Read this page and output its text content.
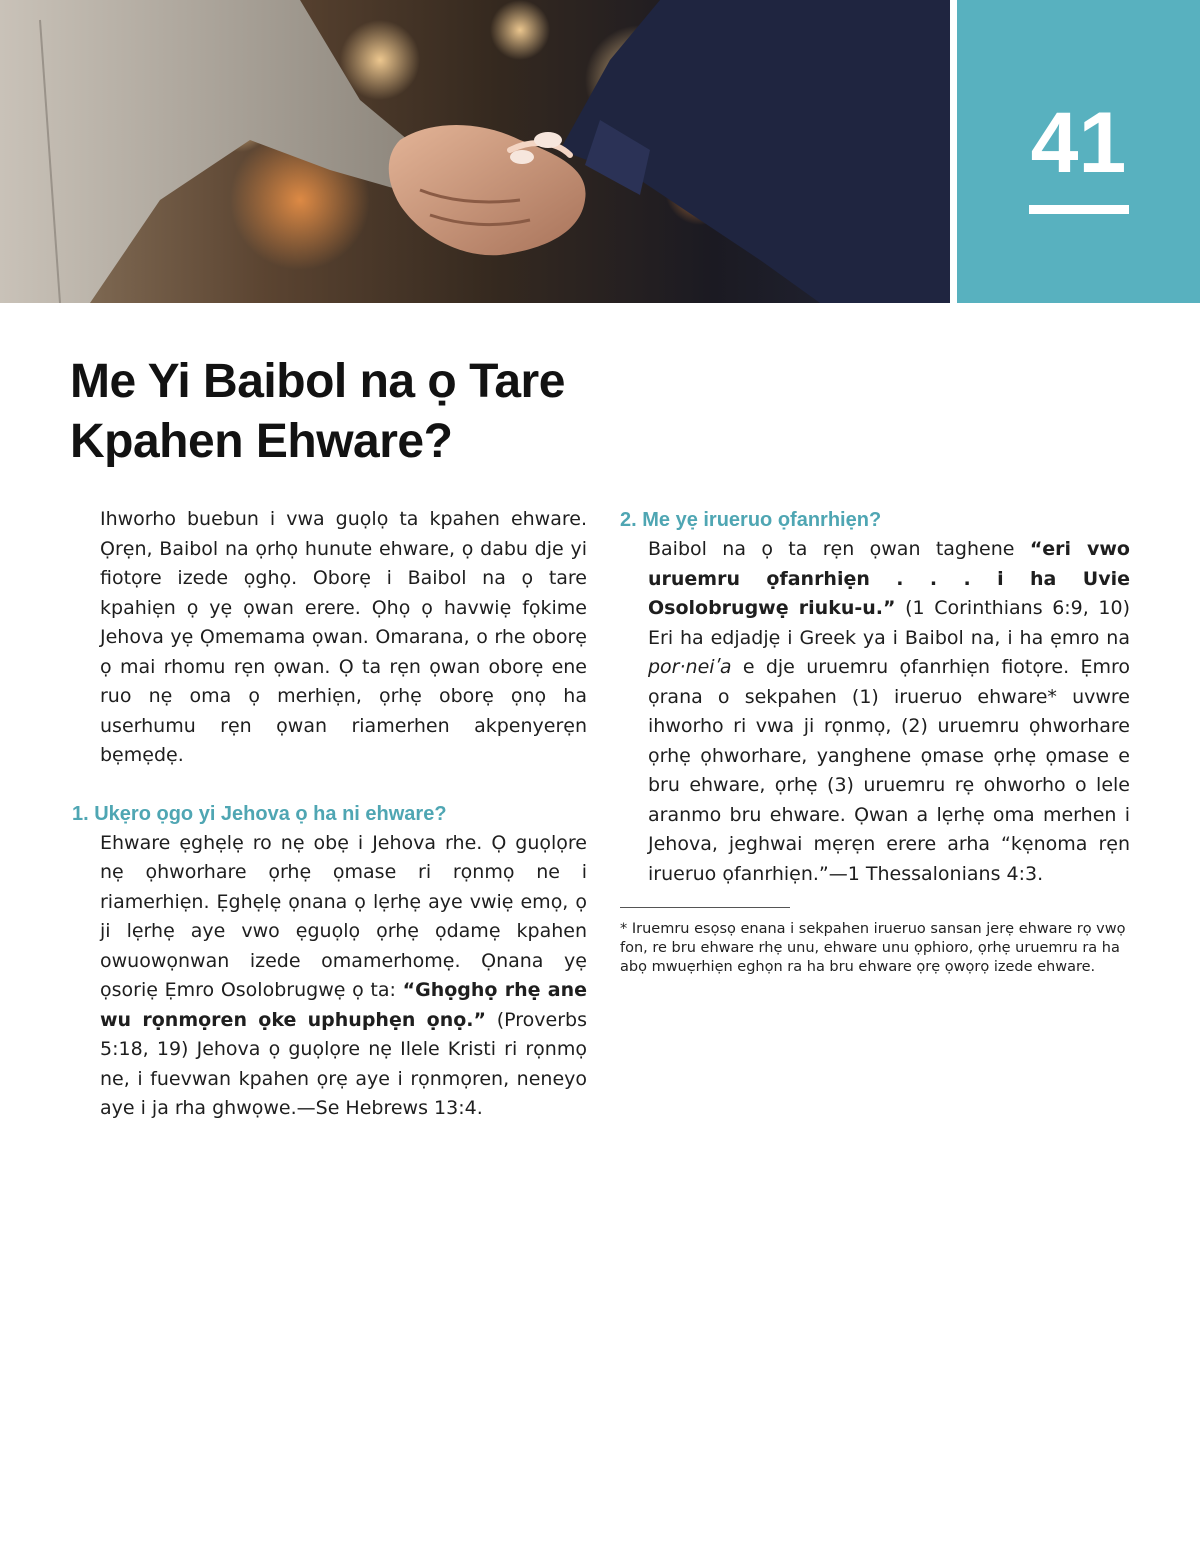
41
Me Yi Baibol na ọ Tare
Kpahen Ehware?

Ihworho buebun i vwa guọlọ ta kpahen ehware. Ọrẹn, Baibol na ọrhọ hunute ehware, ọ dabu dje yi fiotọre izede ọghọ. Oborẹ i Baibol na ọ tare kpahiẹn ọ yẹ ọwan erere. Ọhọ ọ havwiẹ fọkime Jehova yẹ Ọmemama ọwan. Omarana, o rhe oborẹ ọ mai rhomu rẹn ọwan. Ọ ta rẹn ọwan oborẹ ene ruo nẹ oma ọ merhiẹn, ọrhẹ oborẹ ọnọ ha userhumu rẹn ọwan riamerhen akpenyerẹn bẹmẹdẹ.

1. Ukẹro ọgo yi Jehova ọ ha ni ehware?

Ehware ẹghẹlẹ ro nẹ obẹ i Jehova rhe. Ọ guọlọre nẹ ọhworhare ọrhẹ ọmase ri rọnmọ ne i riamerhiẹn. Ẹghẹlẹ ọnana ọ lẹrhẹ aye vwiẹ emọ, ọ ji lẹrhẹ aye vwo ẹguọlọ ọrhẹ ọdamẹ kpahen owuowọnwan izede omamerhomẹ. Ọnana yẹ ọsoriẹ Ẹmro Osolobrugwẹ ọ ta: “Ghọghọ rhẹ ane wu rọnmọren ọke uphuphẹn ọnọ.” (Proverbs 5:18, 19) Jehova ọ guọlọre nẹ Ilele Kristi ri rọnmọ ne, i fuevwan kpahen ọrẹ aye i rọnmọren, neneyo aye i ja rha ghwọwe.—Se Hebrews 13:4.

2. Me yẹ irueruo ọfanrhiẹn?

Baibol na ọ ta rẹn ọwan taghene “eri vwo uruemru ọfanrhiẹn . . . i ha Uvie Osolobrugwẹ riuku-u.” (1 Corinthians 6:9, 10) Eri ha edjadjẹ i Greek ya i Baibol na, i ha ẹmro na por·neiʹa e dje uruemru ọfanrhiẹn fiotọre. Ẹmro ọrana o sekpahen (1) irueruo ehware* uvwre ihworho ri vwa ji rọnmọ, (2) uruemru ọhworhare ọrhẹ ọhworhare, yanghene ọmase ọrhẹ ọmase e bru ehware, ọrhẹ (3) uruemru rẹ ohworho o lele aranmo bru ehware. Ọwan a lẹrhẹ oma merhen i Jehova, jeghwai mẹrẹn erere arha “kẹnoma rẹn irueruo ọfanrhiẹn.”—1 Thessalonians 4:3.

* Iruemru esọsọ enana i sekpahen irueruo sansan jerẹ ehware rọ vwọ fon, re bru ehware rhẹ unu, ehware unu ọphioro, ọrhẹ uruemru ra ha abọ mwuẹrhiẹn eghọn ra ha bru ehware ọrẹ ọwọrọ izede ehware.
